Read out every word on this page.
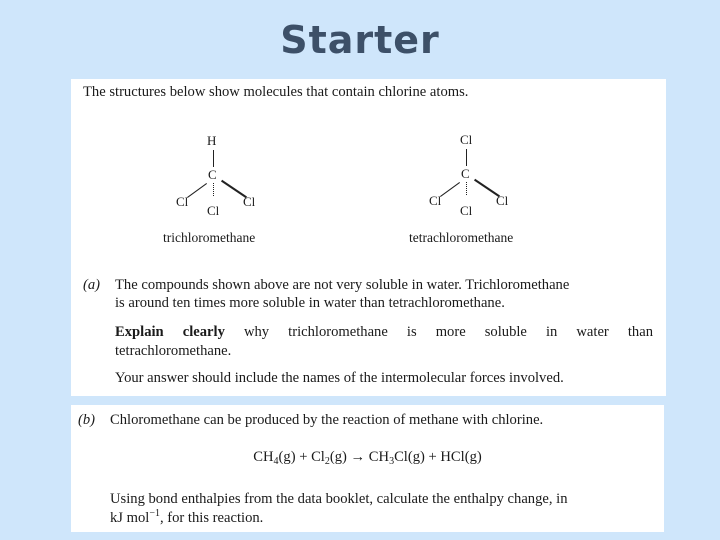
Starter
The structures below show molecules that contain chlorine atoms.
H
C
Cl	Cl
Cl
trichloromethane
Cl
C
Cl	Cl
Cl
tetrachloromethane
(a) The compounds shown above are not very soluble in water. Trichloromethane
is around ten times more soluble in water than tetrachloromethane.
Explain clearly why trichloromethane is more soluble in water than
tetrachloromethane.
Your answer should include the names of the intermolecular forces involved.
(b) Chloromethane can be produced by the reaction of methane with chlorine.
$CH_4(g) + Cl_2(g) \to CH_3Cl(g) + HCl(g)$
Using bond enthalpies from the data booklet, calculate the enthalpy change, in
kJ mol$^{-1}$, for this reaction.
